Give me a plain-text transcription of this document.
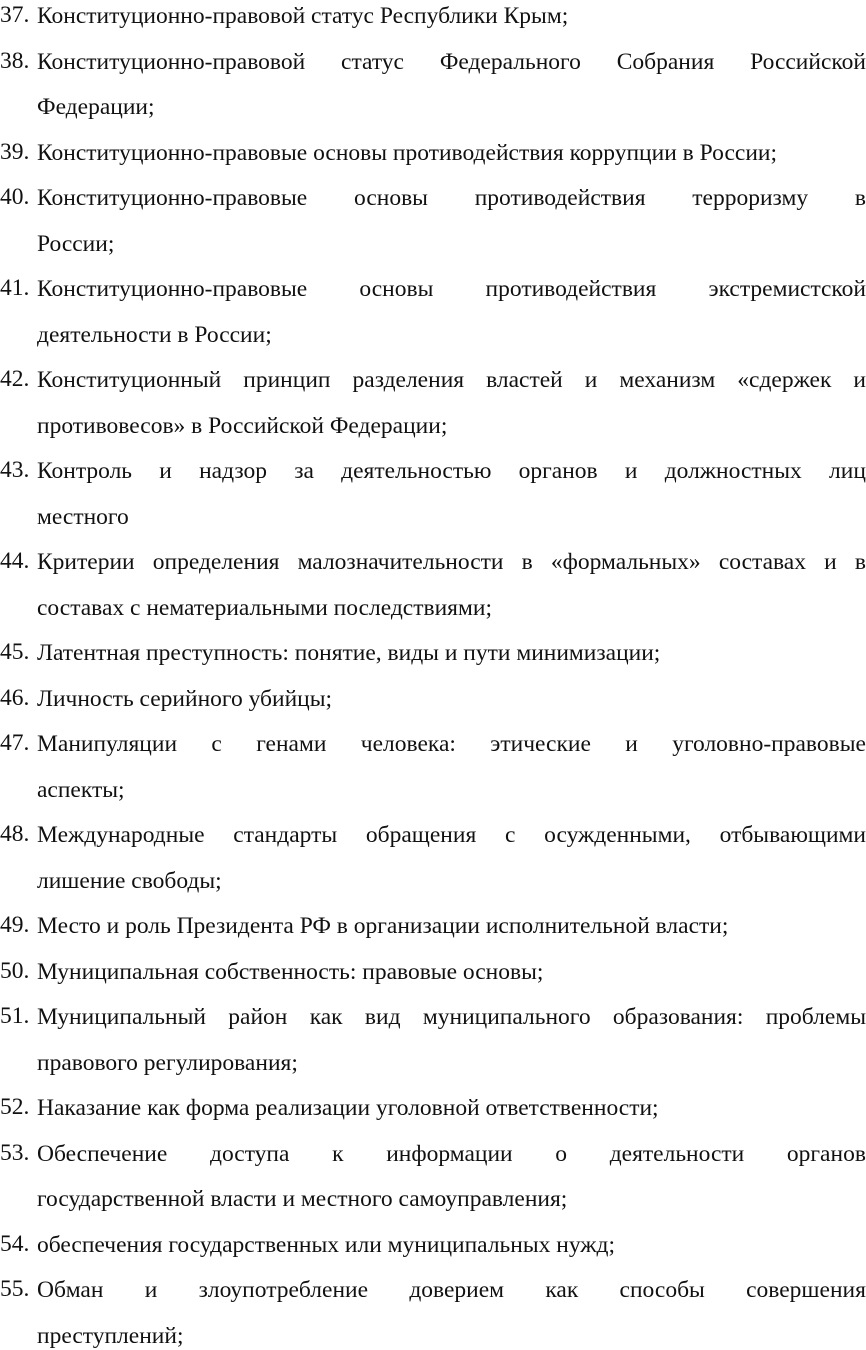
37. Конституционно-правовой статус Республики Крым;
38. Конституционно-правовой статус Федерального Собрания Российской
Федерации;
39. Конституционно-правовые основы противодействия коррупции в России;
40. Конституционно-правовые основы противодействия терроризму в
России;
41. Конституционно-правовые основы противодействия экстремистской
деятельности в России;
42. Конституционный принцип разделения властей и механизм «сдержек и
противовесов» в Российской Федерации;
43. Контроль и надзор за деятельностью органов и должностных лиц
местного
44. Критерии определения малозначительности в «формальных» составах и в
составах с нематериальными последствиями;
45. Латентная преступность: понятие, виды и пути минимизации;
46. Личность серийного убийцы;
47. Манипуляции с генами человека: этические и уголовно-правовые
аспекты;
48. Международные стандарты обращения с осужденными, отбывающими
лишение свободы;
49. Место и роль Президента РФ в организации исполнительной власти;
50. Муниципальная собственность: правовые основы;
51. Муниципальный район как вид муниципального образования: проблемы
правового регулирования;
52. Наказание как форма реализации уголовной ответственности;
53. Обеспечение доступа к информации о деятельности органов
государственной власти и местного самоуправления;
54. обеспечения государственных или муниципальных нужд;
55. Обман и злоупотребление доверием как способы совершения
преступлений;
